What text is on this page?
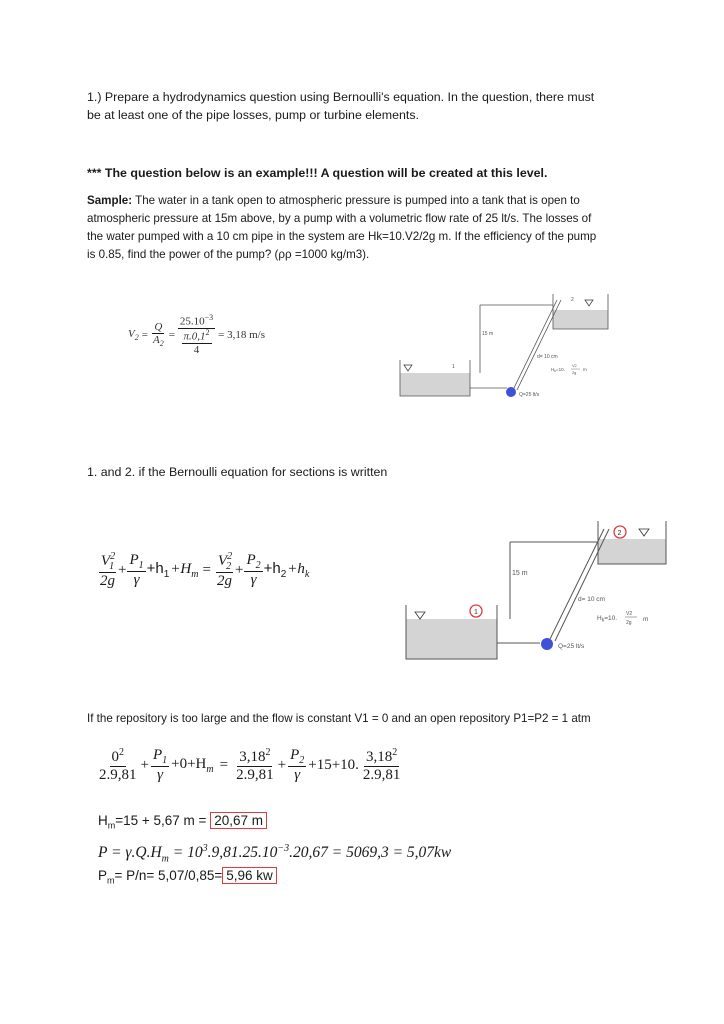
1.) Prepare a hydrodynamics question using Bernoulli's equation. In the question, there must
be at least one of the pipe losses, pump or turbine elements.
*** The question below is an example!!! A question will be created at this level.
Sample: The water in a tank open to atmospheric pressure is pumped into a tank that is open to
atmospheric pressure at 15m above, by a pump with a volumetric flow rate of 25 lt/s. The losses of
the water pumped with a 10 cm pipe in the system are Hk=10.V2/2g m. If the efficiency of the pump
is 0.85, find the power of the pump? (ρρ =1000 kg/m3).
$V_2 = \frac{Q}{A_2} = \frac{25.10^{-3}}{\frac{\pi.0,1^2}{4}} = 3,18$ m/s
2
1
15 m
Q=25 lt/s
d= 10 cm
$H_k=10$.
V2
2g
m
1. and 2. if the Bernoulli equation for sections is written
$\frac{V^2_1}{2g} + \frac{P_1}{\gamma} +h_1 +H_m = \frac{V^2_2}{2g} + \frac{P_2}{\gamma} +h_2 +h_k$
2
1
15 m
Q=25 lt/s
d= 10 cm
$H_k=10$.
V2
2g m
If the repository is too large and the flow is constant V1 = 0 and an open repository P1=P2 = 1 atm
$\frac{0^2}{2.9,81} + \frac{P_1}{\gamma} +0+H_m = \frac{3,18^2}{2.9,81} + \frac{P_2}{\gamma} +15+10$. $\frac{3,18^2}{2.9,81}$
$H_m=15 + 5,67$ m = 20,67 m
$P = \gamma.Q.H_m = 10^3.9,81.25.10^{-3}.20,67 = 5069,3 = 5,07kw$
$P_m= P/n= 5,07/0,85= 5,96$ kw
